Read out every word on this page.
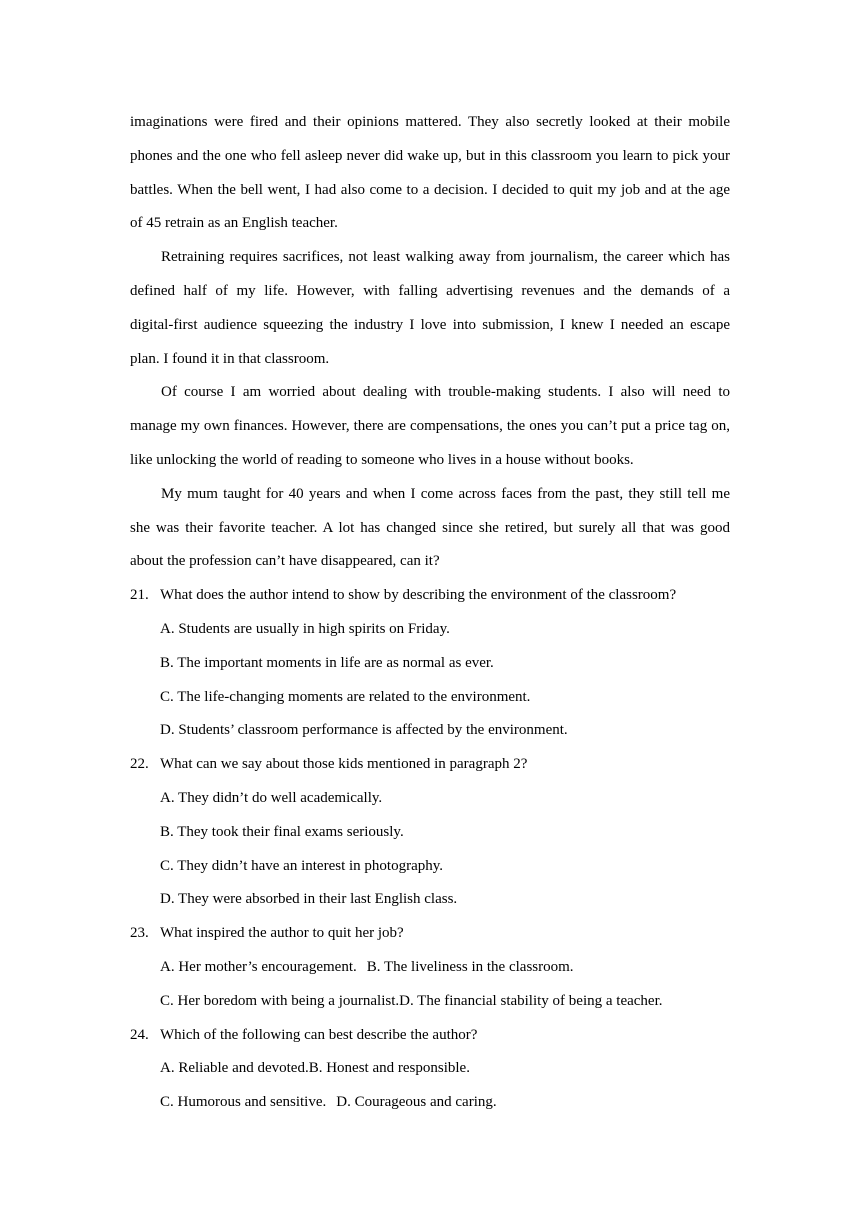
imaginations were fired and their opinions mattered. They also secretly looked at their mobile
phones and the one who fell asleep never did wake up, but in this classroom you learn to pick your
battles. When the bell went, I had also come to a decision. I decided to quit my job and at the age
of 45 retrain as an English teacher.
Retraining requires sacrifices, not least walking away from journalism, the career which has
defined half of my life. However, with falling advertising revenues and the demands of a
digital-first audience squeezing the industry I love into submission, I knew I needed an escape
plan. I found it in that classroom.
Of course I am worried about dealing with trouble-making students. I also will need to
manage my own finances. However, there are compensations, the ones you can’t put a price tag on,
like unlocking the world of reading to someone who lives in a house without books.
My mum taught for 40 years and when I come across faces from the past, they still tell me
she was their favorite teacher. A lot has changed since she retired, but surely all that was good
about the profession can’t have disappeared, can it?
21. What does the author intend to show by describing the environment of the classroom?
A. Students are usually in high spirits on Friday.
B. The important moments in life are as normal as ever.
C. The life-changing moments are related to the environment.
D. Students’ classroom performance is affected by the environment.
22. What can we say about those kids mentioned in paragraph 2?
A. They didn’t do well academically.
B. They took their final exams seriously.
C. They didn’t have an interest in photography.
D. They were absorbed in their last English class.
23. What inspired the author to quit her job?
A. Her mother’s encouragement. B. The liveliness in the classroom.
C. Her boredom with being a journalist.D. The financial stability of being a teacher.
24. Which of the following can best describe the author?
A. Reliable and devoted.B. Honest and responsible.
C. Humorous and sensitive. D. Courageous and caring.
